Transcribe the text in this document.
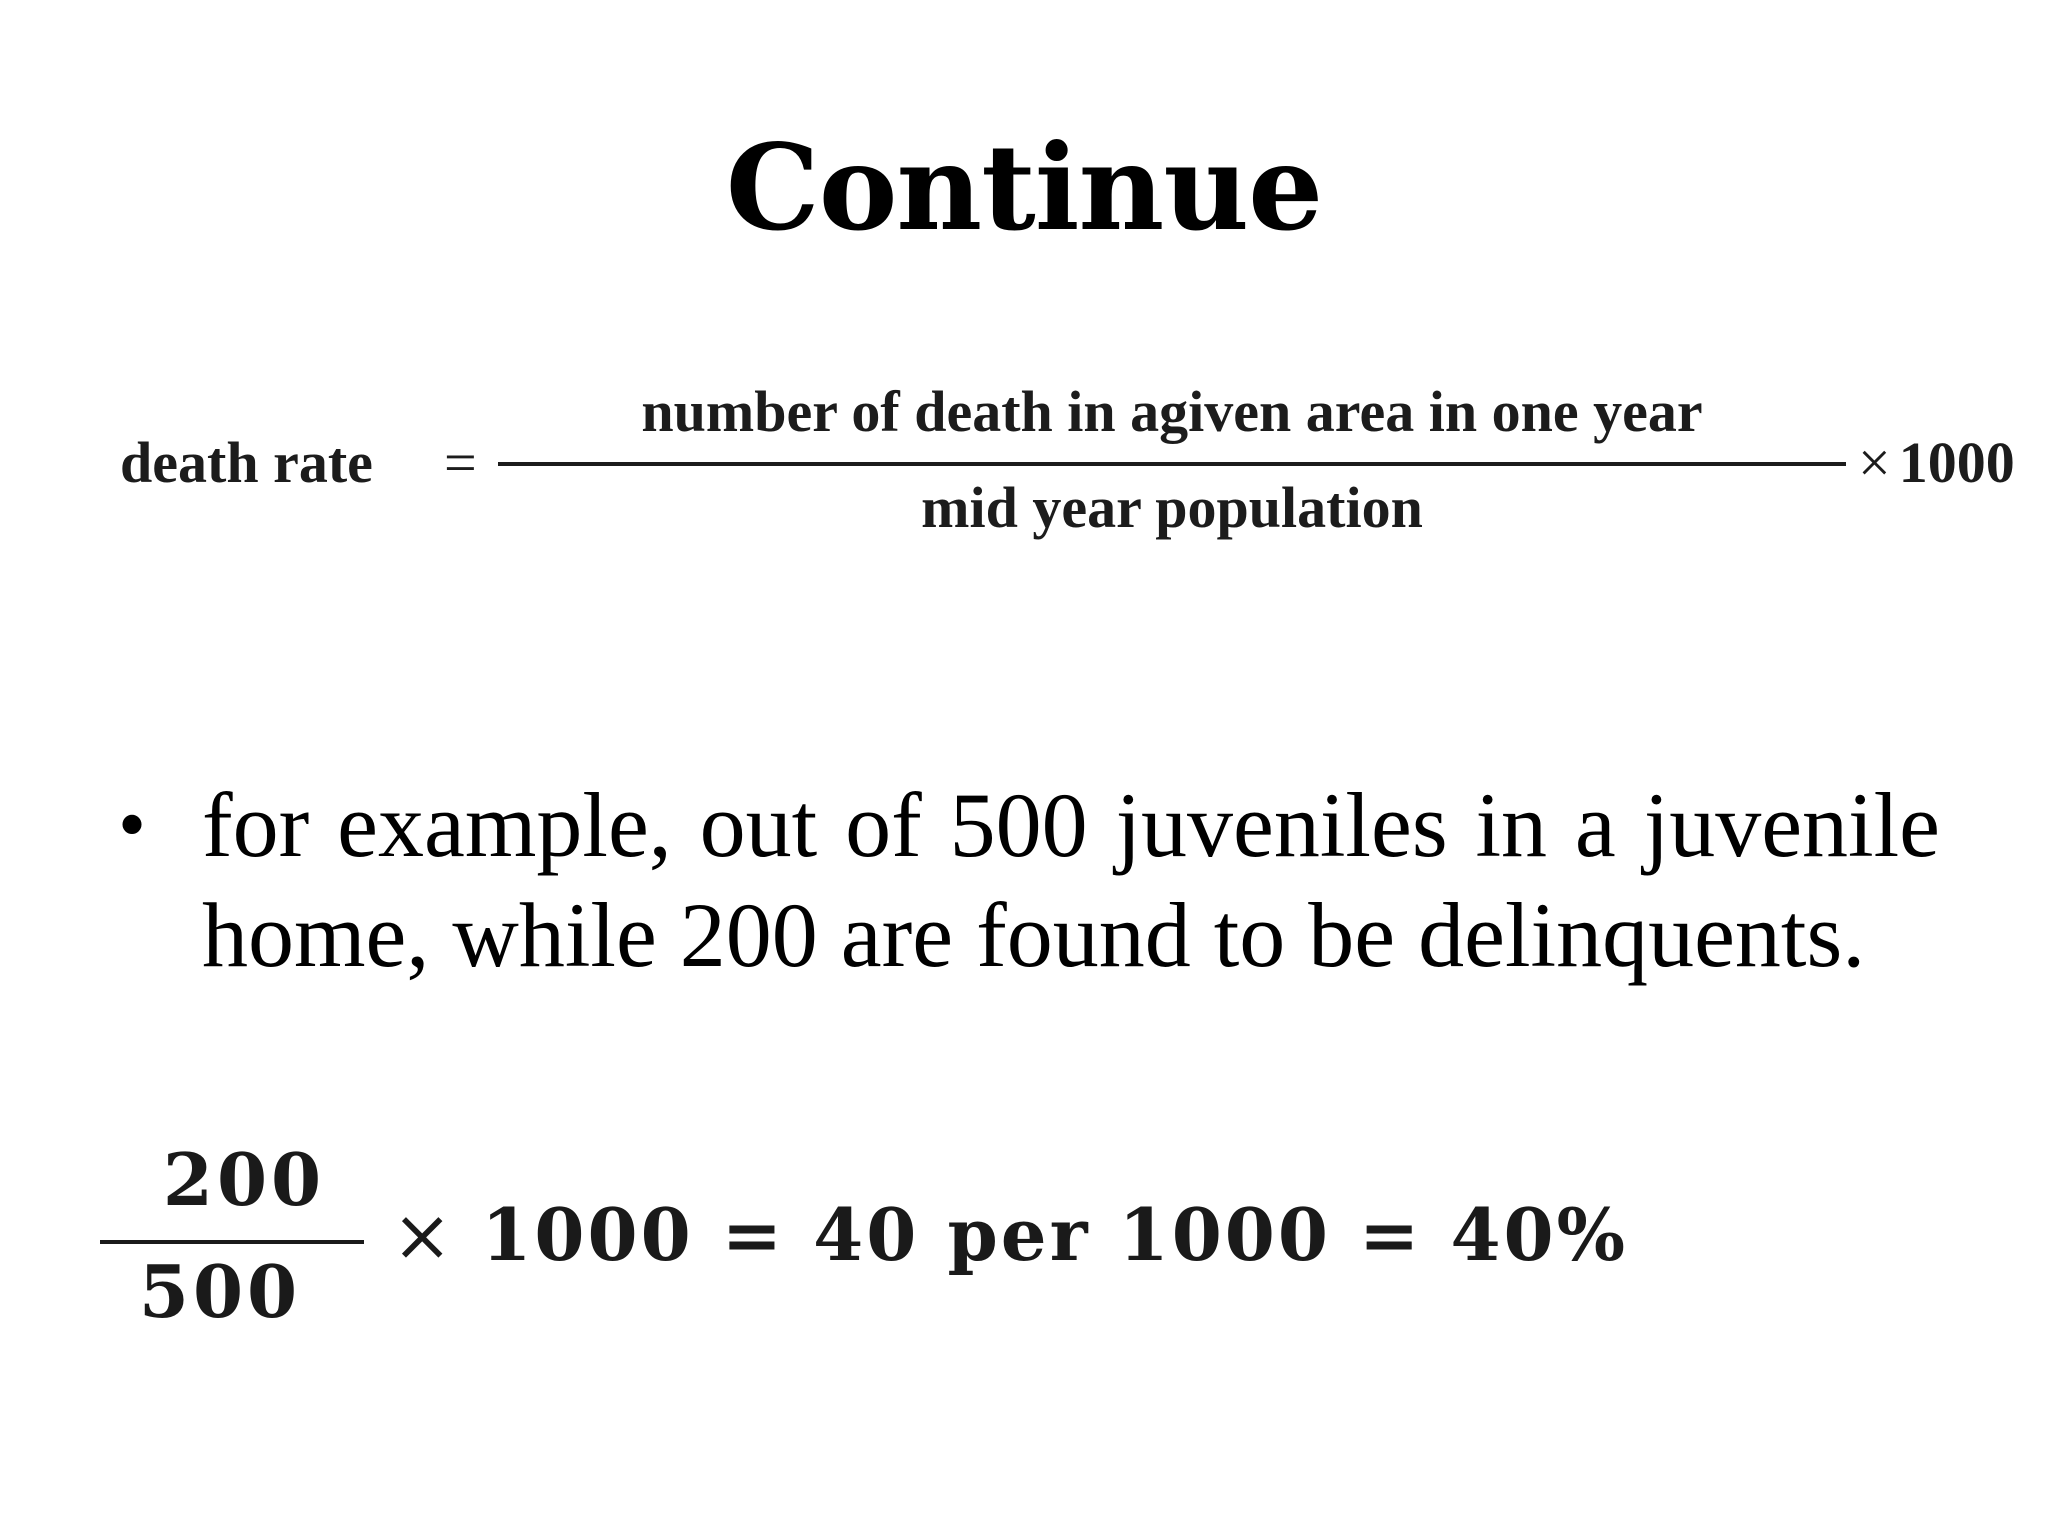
Continue
death rate =
number of death in agiven area in one year
mid year population
× 1000
• for example, out of 500 juveniles in a juvenile home, while 200 are found to be delinquents.
200
500
× 1000 = 40 per 1000 = 40%
